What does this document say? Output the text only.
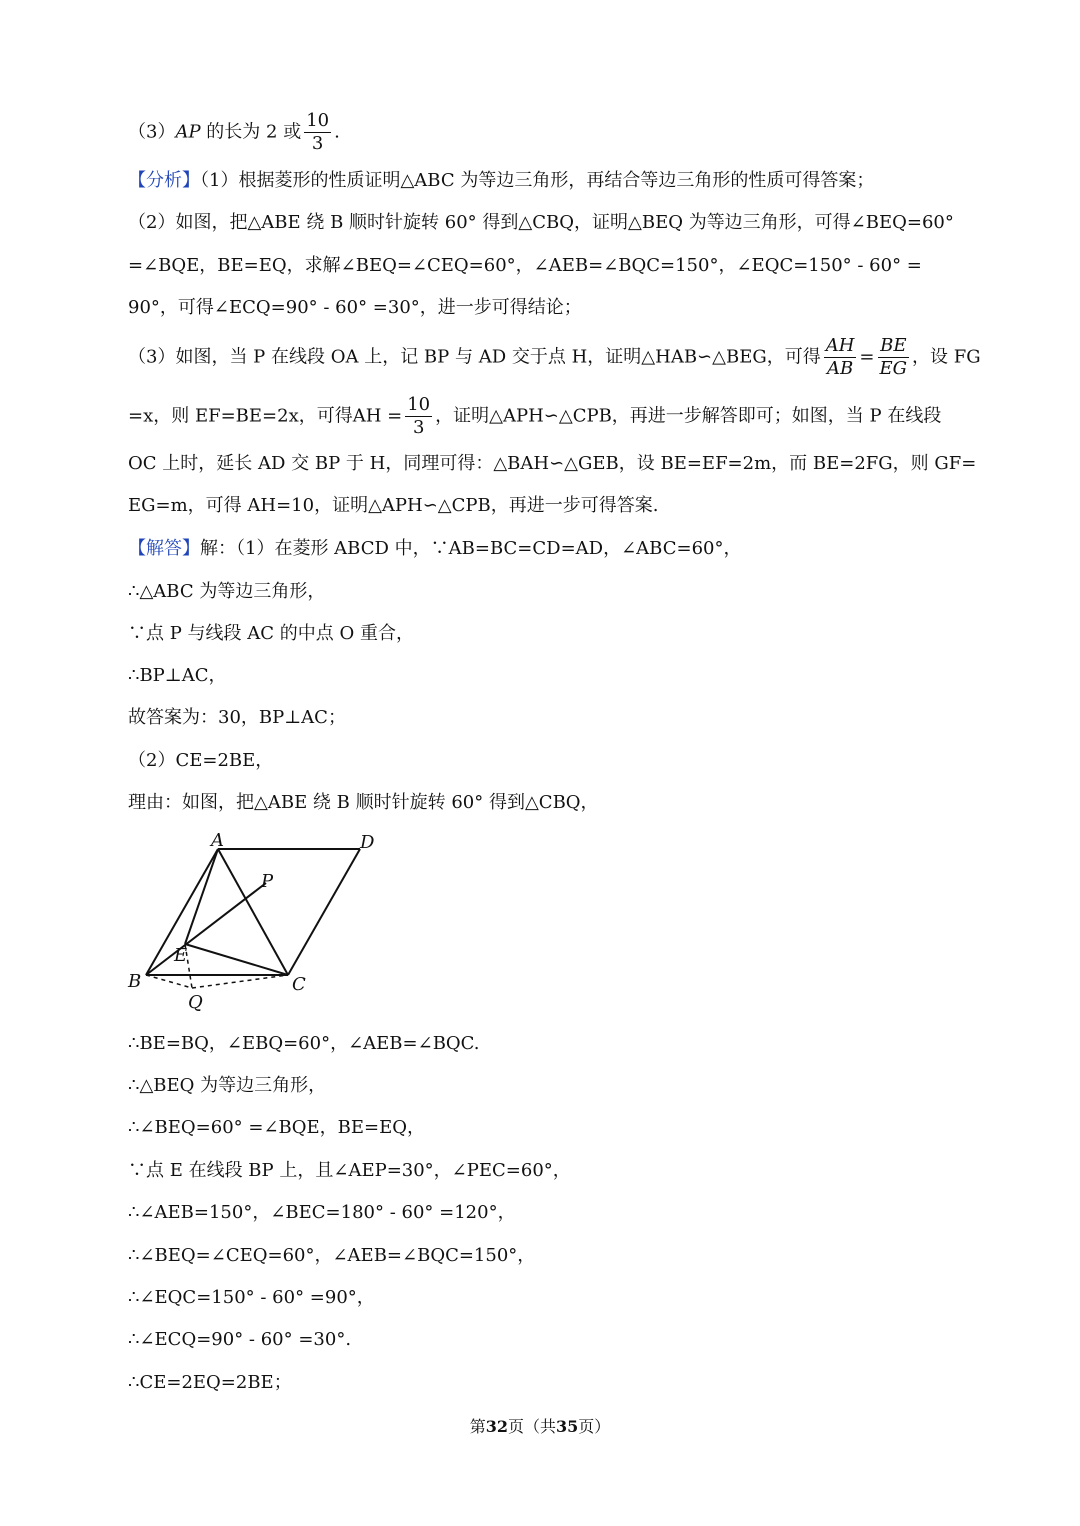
（3）AP 的长为 2 或 $\frac{10}{3}$ .
【分析】（1）根据菱形的性质证明△ABC 为等边三角形，再结合等边三角形的性质可得答案；
（2）如图，把△ABE 绕 B 顺时针旋转 60° 得到△CBQ，证明△BEQ 为等边三角形，可得∠BEQ=60°
=∠BQE，BE=EQ，求解∠BEQ=∠CEQ=60°，∠AEB=∠BQC=150°，∠EQC=150° - 60° =
90°，可得∠ECQ=90° - 60° =30°，进一步可得结论；
（3）如图，当 P 在线段 OA 上，记 BP 与 AD 交于点 H，证明△HAB∽△BEG，可得 $\frac{AH}{AB} = \frac{BE}{EG}$ ，设 FG
=x，则 EF=BE=2x，可得AH = $\frac{10}{3}$ ，证明△APH∽△CPB，再进一步解答即可；如图，当 P 在线段
OC 上时，延长 AD 交 BP 于 H，同理可得：△BAH∽△GEB，设 BE=EF=2m，而 BE=2FG，则 GF=
EG=m，可得 AH=10，证明△APH∽△CPB，再进一步可得答案.
【解答】解：（1）在菱形 ABCD 中，∵AB=BC=CD=AD，∠ABC=60°，
∴△ABC 为等边三角形，
∵点 P 与线段 AC 的中点 O 重合，
∴BP⊥AC，
故答案为：30，BP⊥AC；
（2）CE=2BE，
理由：如图，把△ABE 绕 B 顺时针旋转 60° 得到△CBQ，
A	D
P
E
B	C
Q
∴BE=BQ，∠EBQ=60°，∠AEB=∠BQC.
∴△BEQ 为等边三角形，
∴∠BEQ=60° =∠BQE，BE=EQ，
∵点 E 在线段 BP 上，且∠AEP=30°，∠PEC=60°，
∴∠AEB=150°，∠BEC=180° - 60° =120°，
∴∠BEQ=∠CEQ=60°，∠AEB=∠BQC=150°，
∴∠EQC=150° - 60° =90°，
∴∠ECQ=90° - 60° =30°.
∴CE=2EQ=2BE；
第32页（共35页）
